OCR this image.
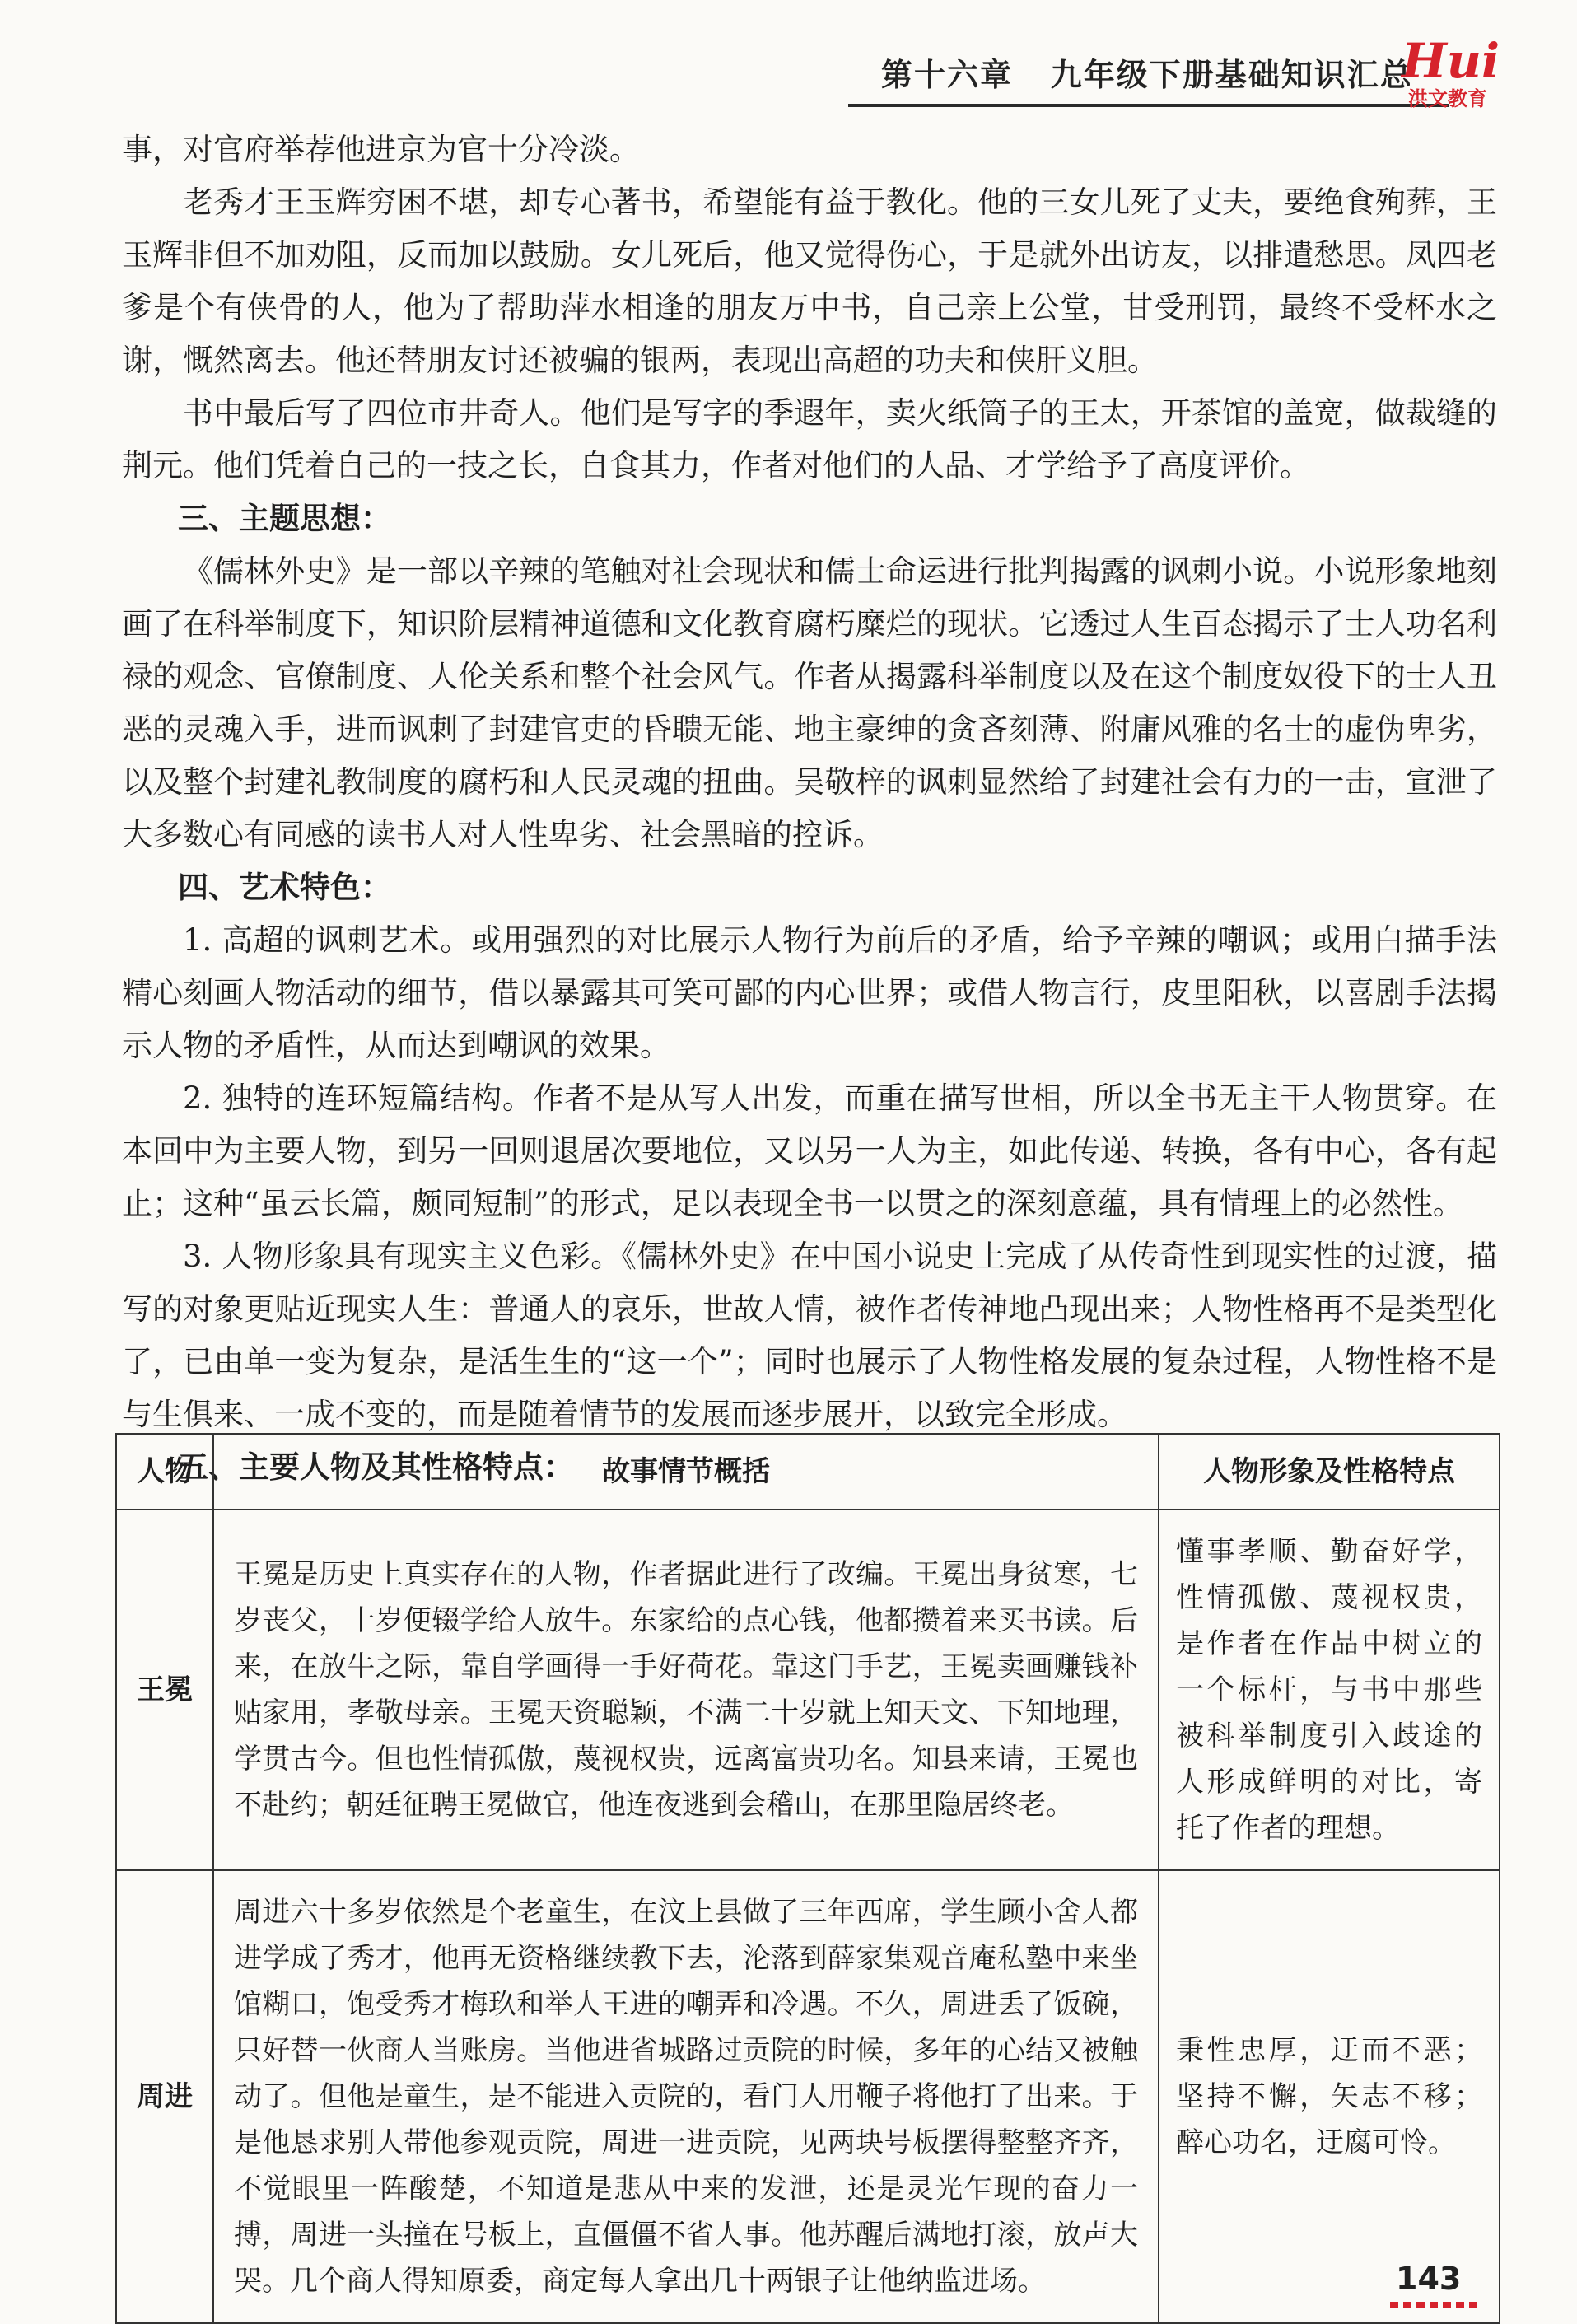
第十六章 九年级下册基础知识汇总
Hui
洪文教育

事，对官府举荐他进京为官十分冷淡。

老秀才王玉辉穷困不堪，却专心著书，希望能有益于教化。他的三女儿死了丈夫，要绝食殉葬，王玉辉非但不加劝阻，反而加以鼓励。女儿死后，他又觉得伤心，于是就外出访友，以排遣愁思。凤四老爹是个有侠骨的人，他为了帮助萍水相逢的朋友万中书，自己亲上公堂，甘受刑罚，最终不受杯水之谢，慨然离去。他还替朋友讨还被骗的银两，表现出高超的功夫和侠肝义胆。

书中最后写了四位市井奇人。他们是写字的季遐年，卖火纸筒子的王太，开茶馆的盖宽，做裁缝的荆元。他们凭着自己的一技之长，自食其力，作者对他们的人品、才学给予了高度评价。

三、主题思想：

《儒林外史》是一部以辛辣的笔触对社会现状和儒士命运进行批判揭露的讽刺小说。小说形象地刻画了在科举制度下，知识阶层精神道德和文化教育腐朽糜烂的现状。它透过人生百态揭示了士人功名利禄的观念、官僚制度、人伦关系和整个社会风气。作者从揭露科举制度以及在这个制度奴役下的士人丑恶的灵魂入手，进而讽刺了封建官吏的昏聩无能、地主豪绅的贪吝刻薄、附庸风雅的名士的虚伪卑劣，以及整个封建礼教制度的腐朽和人民灵魂的扭曲。吴敬梓的讽刺显然给了封建社会有力的一击，宣泄了大多数心有同感的读书人对人性卑劣、社会黑暗的控诉。

四、艺术特色：

1. 高超的讽刺艺术。或用强烈的对比展示人物行为前后的矛盾，给予辛辣的嘲讽；或用白描手法精心刻画人物活动的细节，借以暴露其可笑可鄙的内心世界；或借人物言行，皮里阳秋，以喜剧手法揭示人物的矛盾性，从而达到嘲讽的效果。

2. 独特的连环短篇结构。作者不是从写人出发，而重在描写世相，所以全书无主干人物贯穿。在本回中为主要人物，到另一回则退居次要地位，又以另一人为主，如此传递、转换，各有中心，各有起止；这种“虽云长篇，颇同短制”的形式，足以表现全书一以贯之的深刻意蕴，具有情理上的必然性。

3. 人物形象具有现实主义色彩。《儒林外史》在中国小说史上完成了从传奇性到现实性的过渡，描写的对象更贴近现实人生：普通人的哀乐，世故人情，被作者传神地凸现出来；人物性格再不是类型化了，已由单一变为复杂，是活生生的“这一个”；同时也展示了人物性格发展的复杂过程，人物性格不是与生俱来、一成不变的，而是随着情节的发展而逐步展开，以致完全形成。

五、主要人物及其性格特点：
人物	故事情节概括	人物形象及性格特点
王冕	王冕是历史上真实存在的人物，作者据此进行了改编。王冕出身贫寒，七岁丧父，十岁便辍学给人放牛。东家给的点心钱，他都攒着来买书读。后来，在放牛之际，靠自学画得一手好荷花。靠这门手艺，王冕卖画赚钱补贴家用，孝敬母亲。王冕天资聪颖，不满二十岁就上知天文、下知地理，学贯古今。但也性情孤傲，蔑视权贵，远离富贵功名。知县来请，王冕也不赴约；朝廷征聘王冕做官，他连夜逃到会稽山，在那里隐居终老。	懂事孝顺、勤奋好学，性情孤傲、蔑视权贵，是作者在作品中树立的一个标杆，与书中那些被科举制度引入歧途的人形成鲜明的对比，寄托了作者的理想。
周进	周进六十多岁依然是个老童生，在汶上县做了三年西席，学生顾小舍人都进学成了秀才，他再无资格继续教下去，沦落到薛家集观音庵私塾中来坐馆糊口，饱受秀才梅玖和举人王进的嘲弄和冷遇。不久，周进丢了饭碗，只好替一伙商人当账房。当他进省城路过贡院的时候，多年的心结又被触动了。但他是童生，是不能进入贡院的，看门人用鞭子将他打了出来。于是他恳求别人带他参观贡院，周进一进贡院，见两块号板摆得整整齐齐，不觉眼里一阵酸楚，不知道是悲从中来的发泄，还是灵光乍现的奋力一搏，周进一头撞在号板上，直僵僵不省人事。他苏醒后满地打滚，放声大哭。几个商人得知原委，商定每人拿出几十两银子让他纳监进场。	秉性忠厚，迂而不恶；坚持不懈，矢志不移；醉心功名，迂腐可怜。
143
